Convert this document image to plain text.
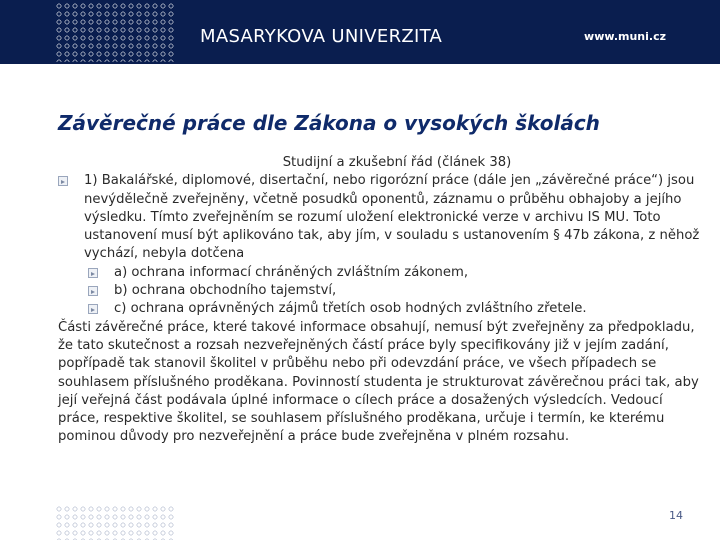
MASARYKOVA UNIVERZITA	www.muni.cz
Závěrečné práce dle Zákona o vysokých školách
Studijní a zkušební řád (článek 38)
1) Bakalářské, diplomové, disertační, nebo rigorózní práce (dále jen „závěrečné práce“) jsou nevýdělečně zveřejněny, včetně posudků oponentů, záznamu o průběhu obhajoby a jejího výsledku. Tímto zveřejněním se rozumí uložení elektronické verze v archivu IS MU. Toto ustanovení musí být aplikováno tak, aby jím, v souladu s ustanovením § 47b zákona, z něhož vychází, nebyla dotčena
a) ochrana informací chráněných zvláštním zákonem,
b) ochrana obchodního tajemství,
c) ochrana oprávněných zájmů třetích osob hodných zvláštního zřetele.
Části závěrečné práce, které takové informace obsahují, nemusí být zveřejněny za předpokladu, že tato skutečnost a rozsah nezveřejněných částí práce byly specifikovány již v jejím zadání, popřípadě tak stanovil školitel v průběhu nebo při odevzdání práce, ve všech případech se souhlasem příslušného proděkana. Povinností studenta je strukturovat závěrečnou práci tak, aby její veřejná část podávala úplné informace o cílech práce a dosažených výsledcích. Vedoucí práce, respektive školitel, se souhlasem příslušného proděkana, určuje i termín, ke kterému pominou důvody pro nezveřejnění a práce bude zveřejněna v plném rozsahu.
14
